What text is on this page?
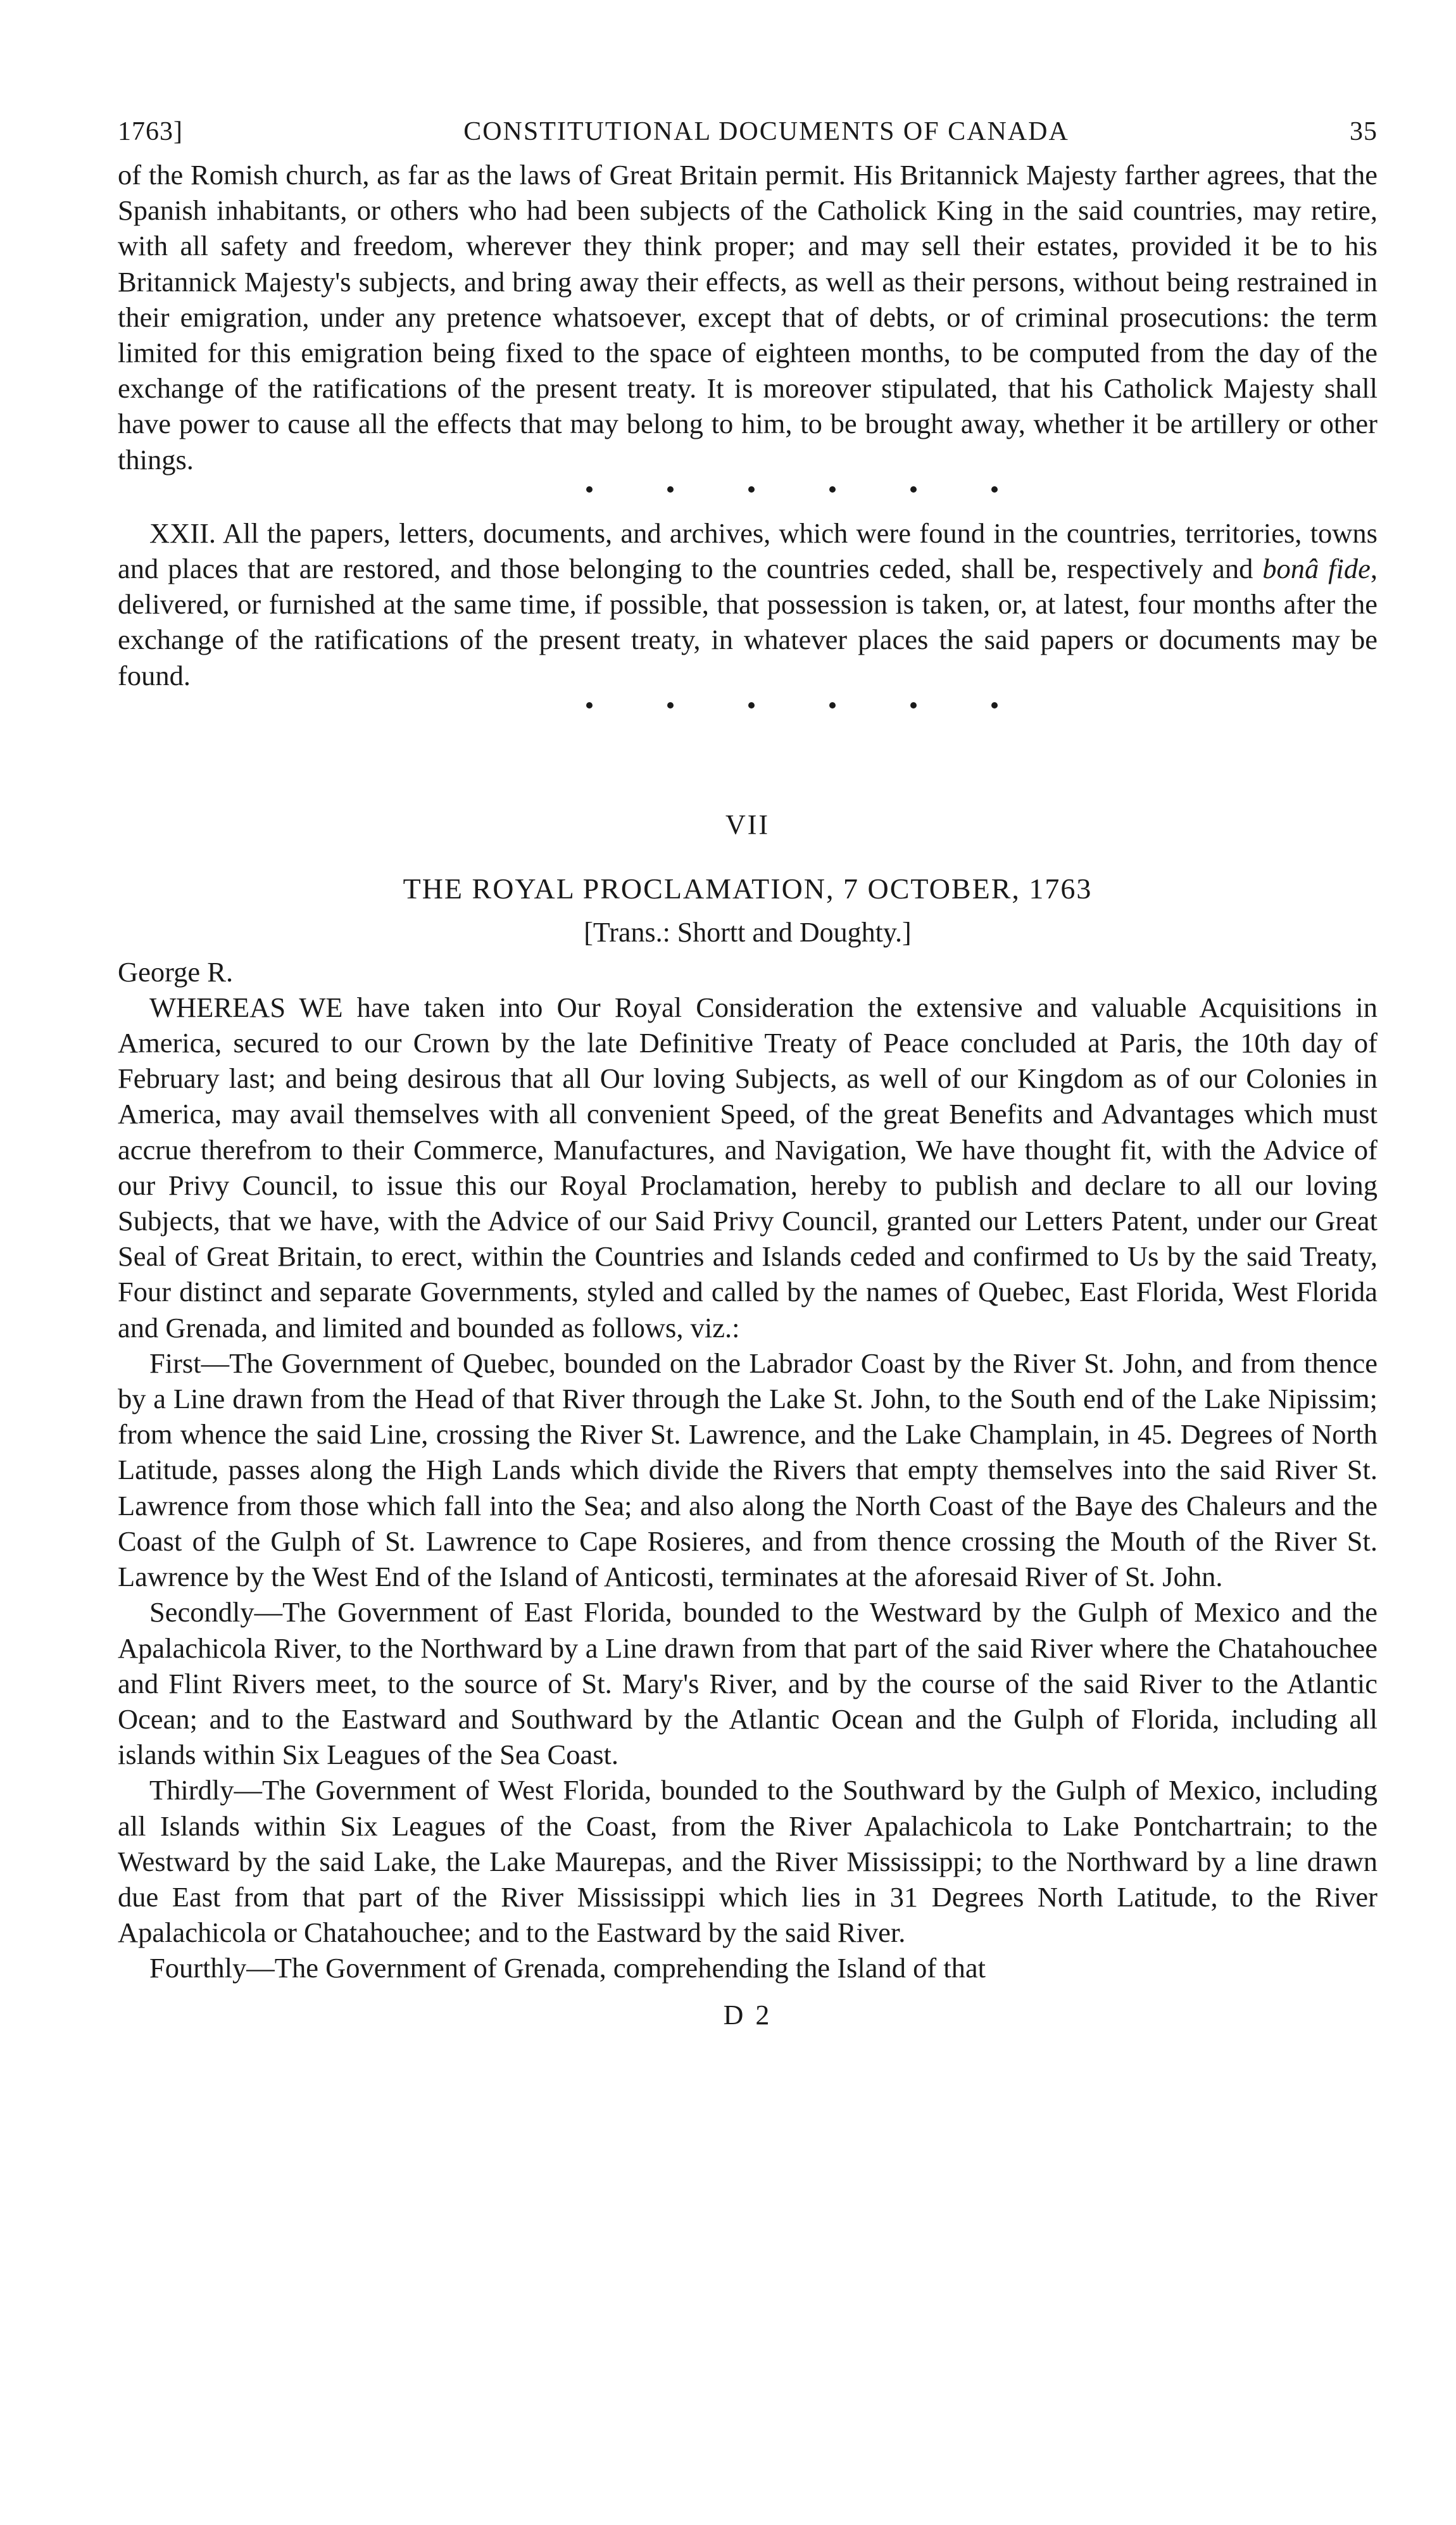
1763]	CONSTITUTIONAL DOCUMENTS OF CANADA	35

of the Romish church, as far as the laws of Great Britain permit. His Britannick Majesty farther agrees, that the Spanish inhabitants, or others who had been subjects of the Catholick King in the said countries, may retire, with all safety and freedom, wherever they think proper; and may sell their estates, provided it be to his Britannick Majesty's subjects, and bring away their effects, as well as their persons, without being restrained in their emigration, under any pretence whatsoever, except that of debts, or of criminal prosecutions: the term limited for this emigration being fixed to the space of eighteen months, to be computed from the day of the exchange of the ratifications of the present treaty. It is moreover stipulated, that his Catholick Majesty shall have power to cause all the effects that may belong to him, to be brought away, whether it be artillery or other things.

XXII. All the papers, letters, documents, and archives, which were found in the countries, territories, towns and places that are restored, and those belonging to the countries ceded, shall be, respectively and bonâ fide, delivered, or furnished at the same time, if possible, that possession is taken, or, at latest, four months after the exchange of the ratifications of the present treaty, in whatever places the said papers or documents may be found.

VII
THE ROYAL PROCLAMATION, 7 OCTOBER, 1763
[Trans.: Shortt and Doughty.]

George R.

WHEREAS WE have taken into Our Royal Consideration the extensive and valuable Acquisitions in America, secured to our Crown by the late Definitive Treaty of Peace concluded at Paris, the 10th day of February last; and being desirous that all Our loving Subjects, as well of our Kingdom as of our Colonies in America, may avail themselves with all convenient Speed, of the great Benefits and Advantages which must accrue therefrom to their Commerce, Manufactures, and Navigation, We have thought fit, with the Advice of our Privy Council, to issue this our Royal Proclamation, hereby to publish and declare to all our loving Subjects, that we have, with the Advice of our Said Privy Council, granted our Letters Patent, under our Great Seal of Great Britain, to erect, within the Countries and Islands ceded and confirmed to Us by the said Treaty, Four distinct and separate Governments, styled and called by the names of Quebec, East Florida, West Florida and Grenada, and limited and bounded as follows, viz.:

First—The Government of Quebec, bounded on the Labrador Coast by the River St. John, and from thence by a Line drawn from the Head of that River through the Lake St. John, to the South end of the Lake Nipissim; from whence the said Line, crossing the River St. Lawrence, and the Lake Champlain, in 45. Degrees of North Latitude, passes along the High Lands which divide the Rivers that empty themselves into the said River St. Lawrence from those which fall into the Sea; and also along the North Coast of the Baye des Chaleurs and the Coast of the Gulph of St. Lawrence to Cape Rosieres, and from thence crossing the Mouth of the River St. Lawrence by the West End of the Island of Anticosti, terminates at the aforesaid River of St. John.

Secondly—The Government of East Florida, bounded to the Westward by the Gulph of Mexico and the Apalachicola River, to the Northward by a Line drawn from that part of the said River where the Chatahouchee and Flint Rivers meet, to the source of St. Mary's River, and by the course of the said River to the Atlantic Ocean; and to the Eastward and Southward by the Atlantic Ocean and the Gulph of Florida, including all islands within Six Leagues of the Sea Coast.

Thirdly—The Government of West Florida, bounded to the Southward by the Gulph of Mexico, including all Islands within Six Leagues of the Coast, from the River Apalachicola to Lake Pontchartrain; to the Westward by the said Lake, the Lake Maurepas, and the River Mississippi; to the Northward by a line drawn due East from that part of the River Mississippi which lies in 31 Degrees North Latitude, to the River Apalachicola or Chatahouchee; and to the Eastward by the said River.

Fourthly—The Government of Grenada, comprehending the Island of that

D 2
